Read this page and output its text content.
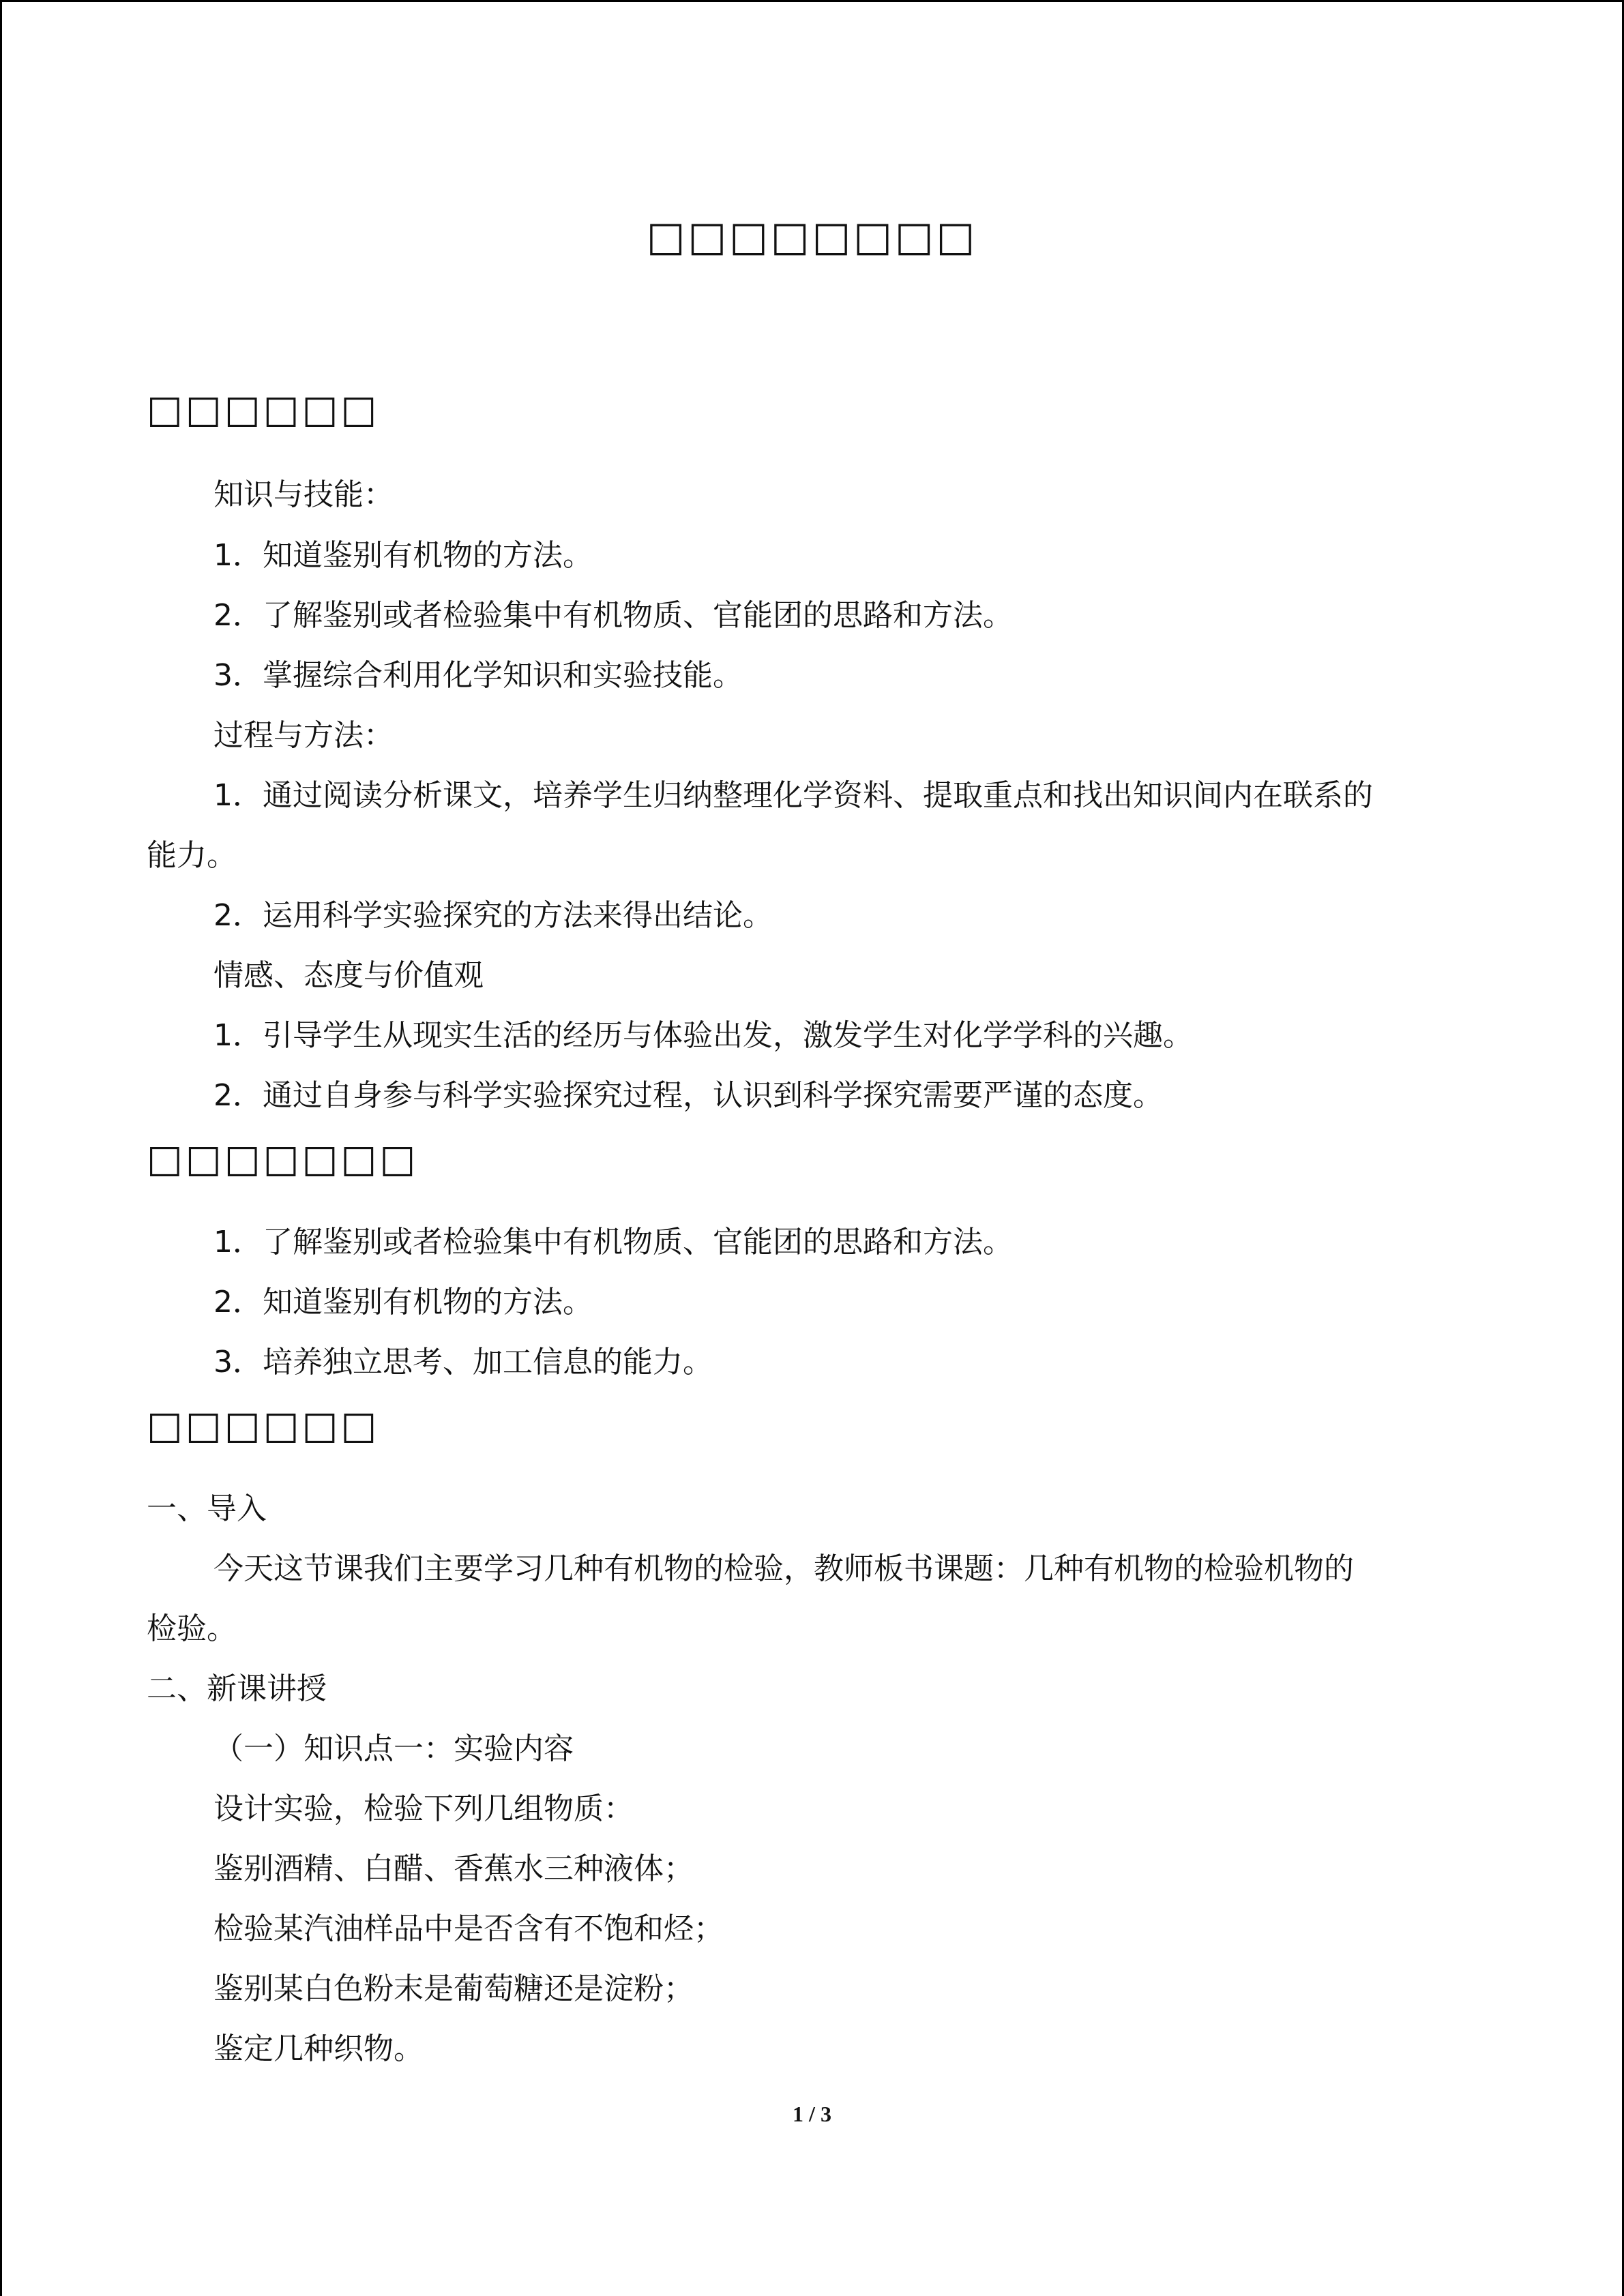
□□□□□□□□
□□□□□□
知识与技能：
1．知道鉴别有机物的方法。
2．了解鉴别或者检验集中有机物质、官能团的思路和方法。
3．掌握综合利用化学知识和实验技能。
过程与方法：
1．通过阅读分析课文，培养学生归纳整理化学资料、提取重点和找出知识间内在联系的
能力。
2．运用科学实验探究的方法来得出结论。
情感、态度与价值观
1．引导学生从现实生活的经历与体验出发，激发学生对化学学科的兴趣。
2．通过自身参与科学实验探究过程，认识到科学探究需要严谨的态度。
□□□□□□□
1．了解鉴别或者检验集中有机物质、官能团的思路和方法。
2．知道鉴别有机物的方法。
3．培养独立思考、加工信息的能力。
□□□□□□
一、导入
今天这节课我们主要学习几种有机物的检验，教师板书课题：几种有机物的检验机物的
检验。
二、新课讲授
（一）知识点一：实验内容
设计实验，检验下列几组物质：
鉴别酒精、白醋、香蕉水三种液体；
检验某汽油样品中是否含有不饱和烃；
鉴别某白色粉末是葡萄糖还是淀粉；
鉴定几种织物。
1 / 3
